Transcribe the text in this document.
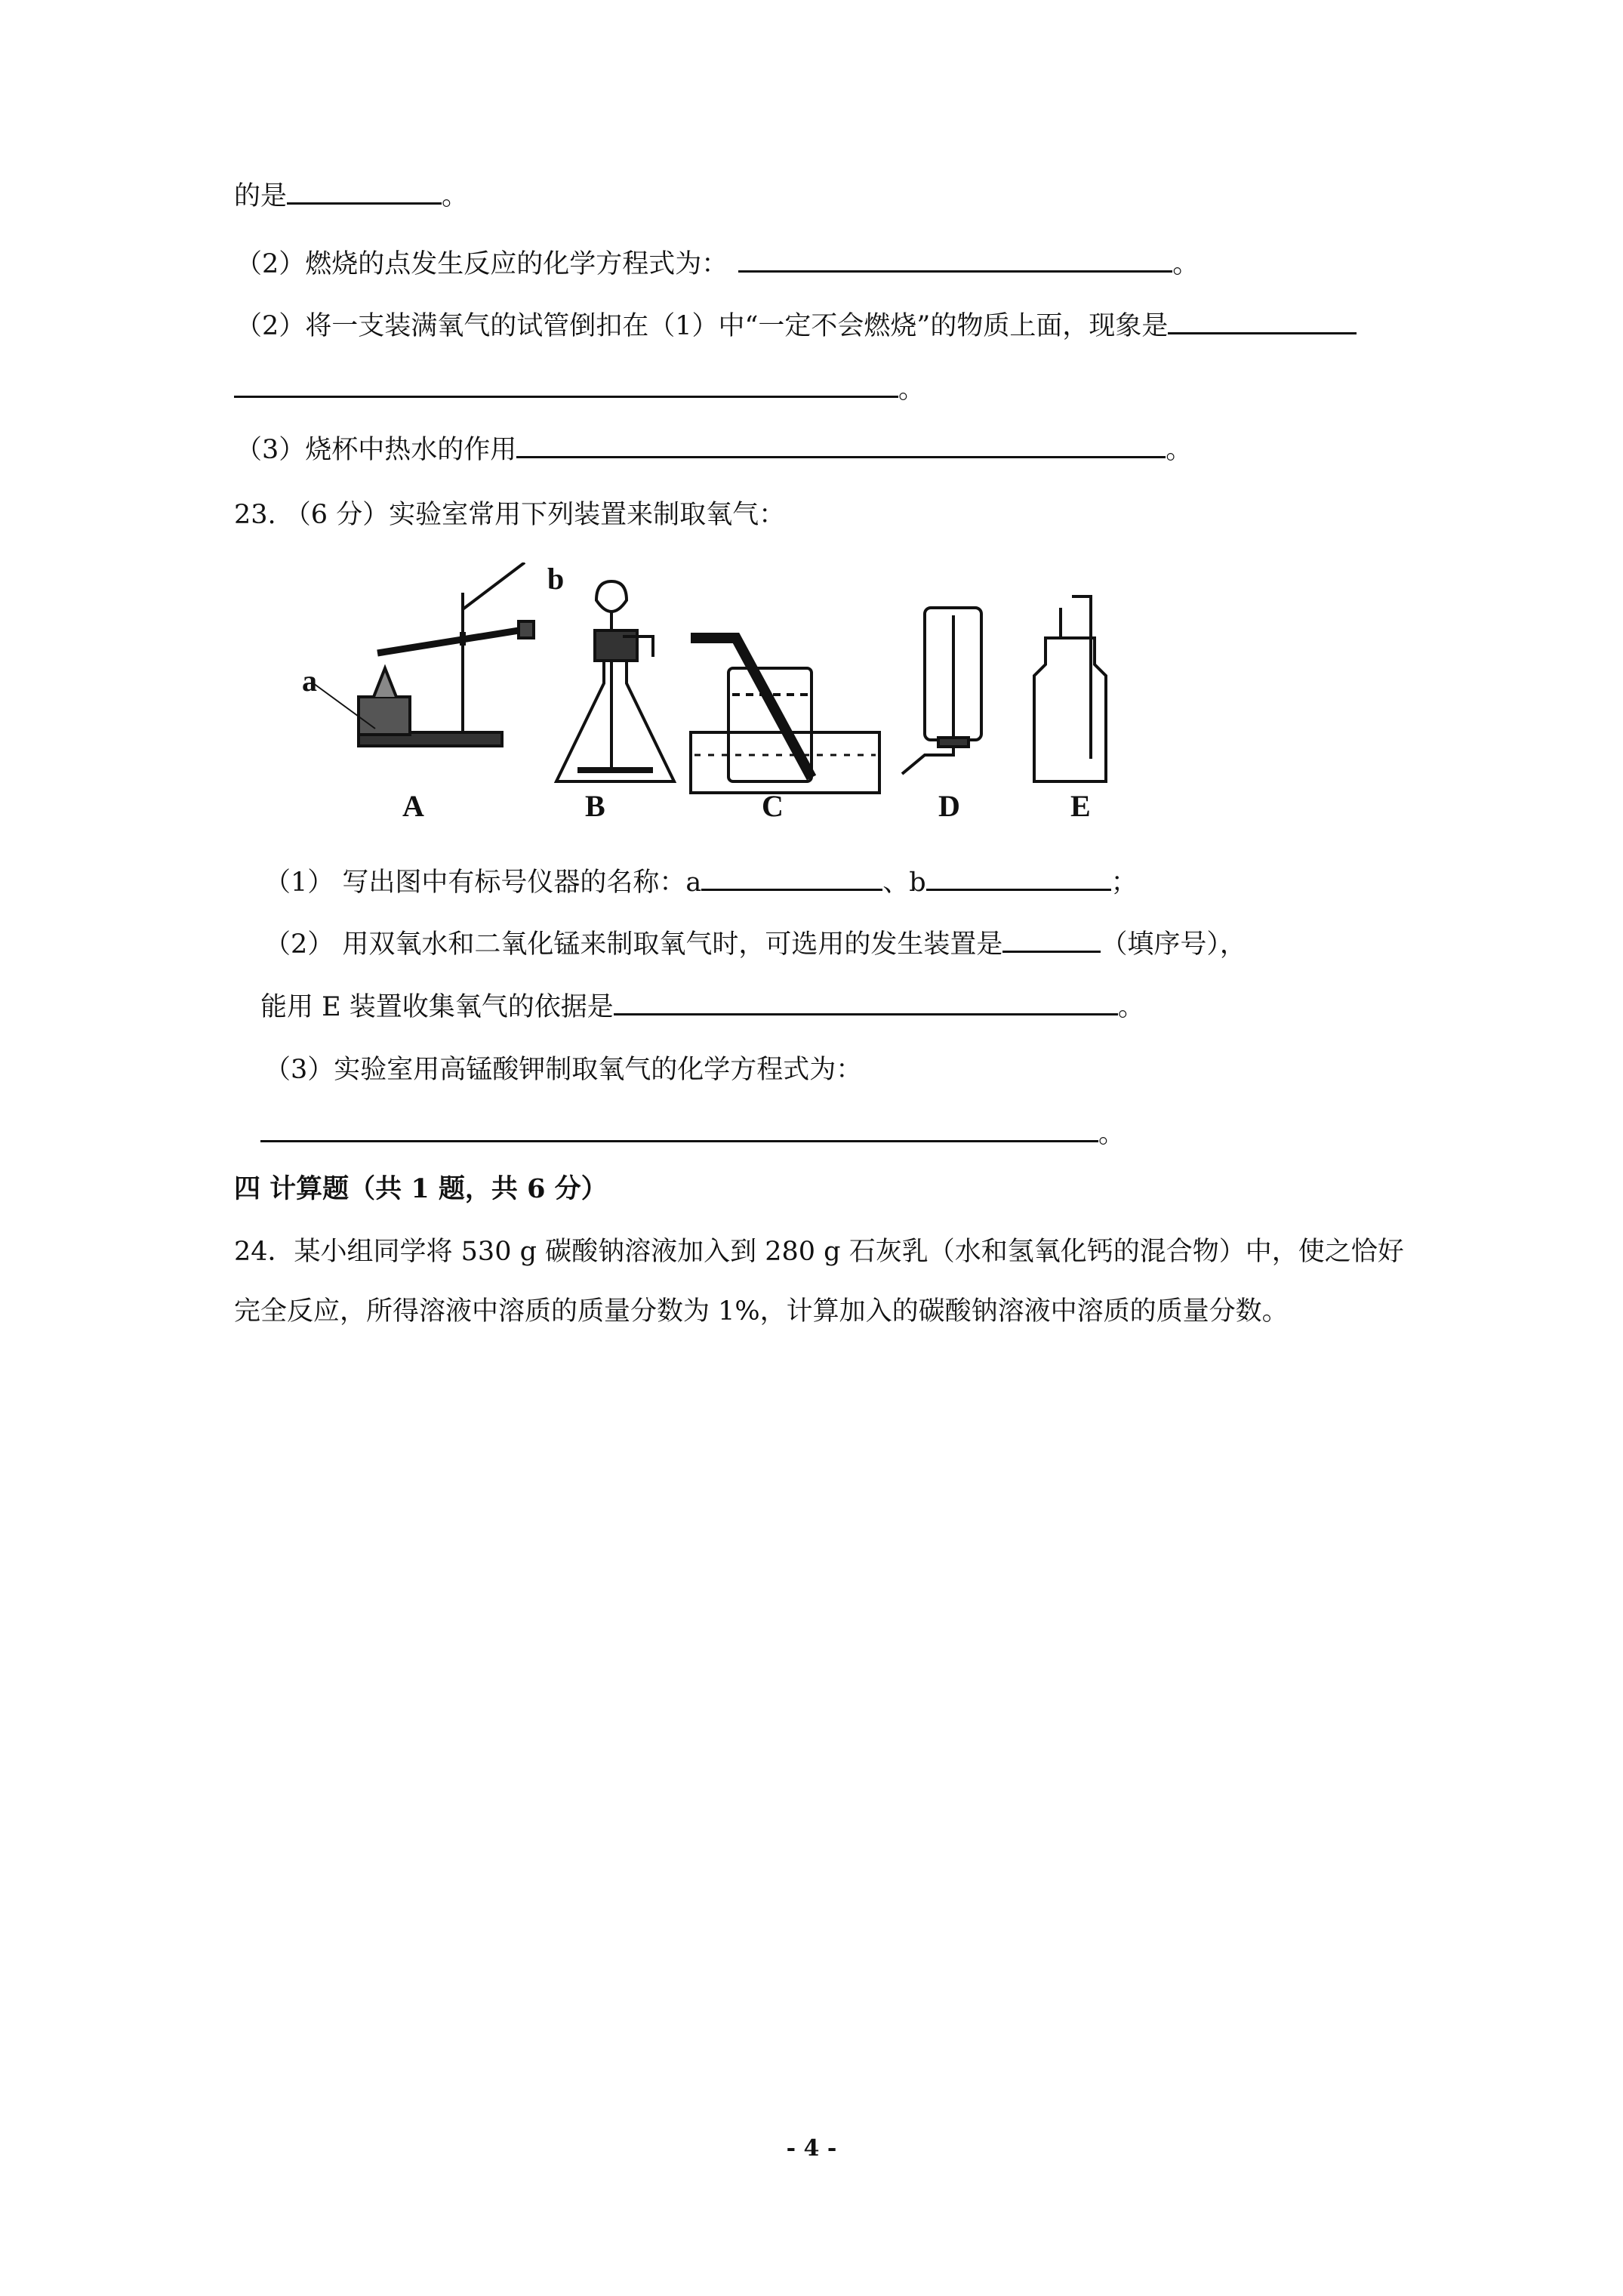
的是	。
（2）燃烧的点发生反应的化学方程式为：	。
（2）将一支装满氧气的试管倒扣在（1）中“一定不会燃烧”的物质上面，现象是
。
（3）烧杯中热水的作用	。
23. （6 分）实验室常用下列装置来制取氧气：
a
b
A	B	C	D	E
（1） 写出图中有标号仪器的名称：a	、b	；
（2） 用双氧水和二氧化锰来制取氧气时，可选用的发生装置是	（填序号），
能用 E 装置收集氧气的依据是	。
（3）实验室用高锰酸钾制取氧气的化学方程式为：
。
四 计算题（共 1 题，共 6 分）
24．某小组同学将 530 g 碳酸钠溶液加入到 280 g 石灰乳（水和氢氧化钙的混合物）中，使之恰好
完全反应，所得溶液中溶质的质量分数为 1%，计算加入的碳酸钠溶液中溶质的质量分数。
- 4 -
